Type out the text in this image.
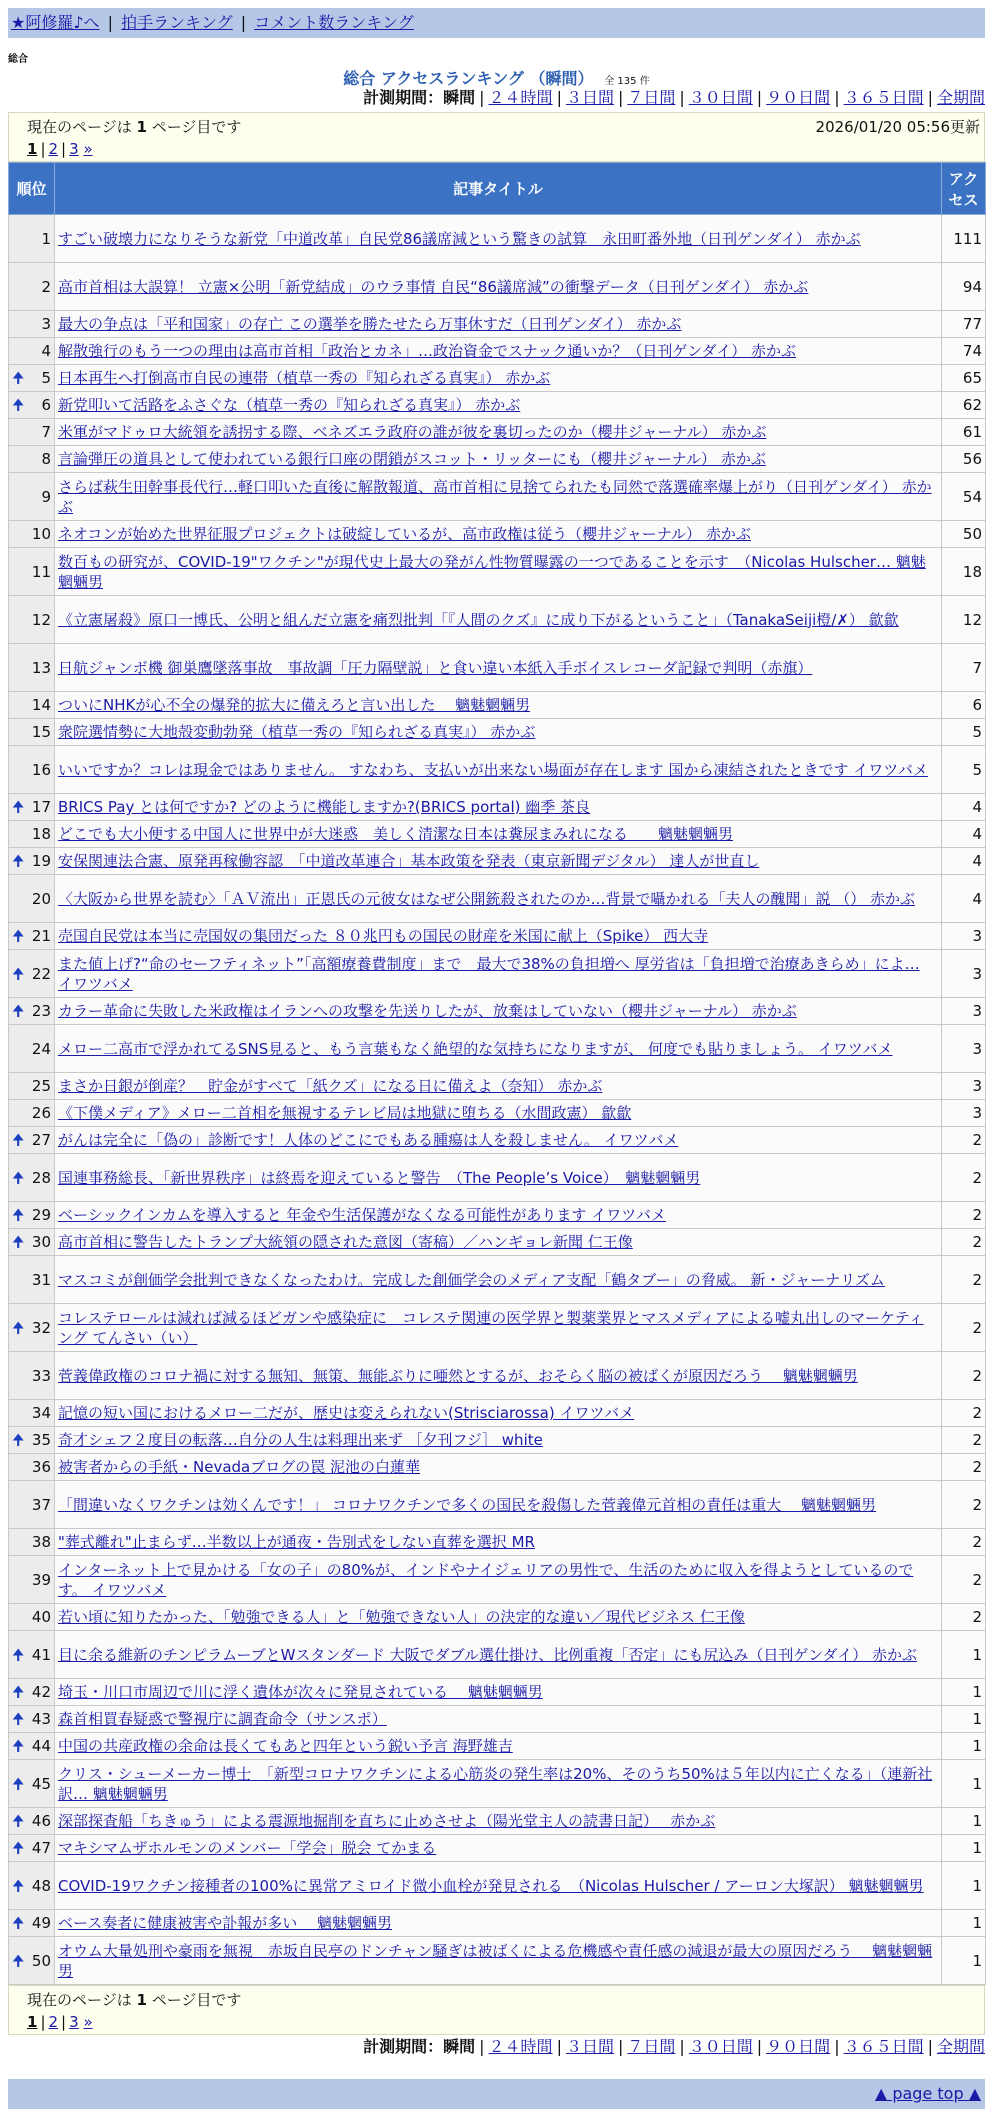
★阿修羅♪へ | 拍手ランキング | コメント数ランキング
総合
総合 アクセスランキング （瞬間） 全 135 件
計測期間：瞬間 | ２４時間 | ３日間 | ７日間 | ３０日間 | ９０日間 | ３６５日間 | 全期間
現在のページは 1 ページ目です
1 | 2 | 3 »
2026/01/20 05:56更新
順位	記事タイトル	アクセス
1	すごい破壊力になりそうな新党「中道改革」自民党86議席減という驚きの試算　永田町番外地（日刊ゲンダイ） 赤かぶ	111
2	高市首相は大誤算！ 立憲×公明「新党結成」のウラ事情 自民“86議席減”の衝撃データ（日刊ゲンダイ） 赤かぶ	94
3	最大の争点は「平和国家」の存亡 この選挙を勝たせたら万事休すだ（日刊ゲンダイ） 赤かぶ	77
4	解散強行のもう一つの理由は高市首相「政治とカネ」…政治資金でスナック通いか？（日刊ゲンダイ） 赤かぶ	74

🠉 5	日本再生へ打倒高市自民の連帯（植草一秀の『知られざる真実』） 赤かぶ	65

🠉 6	新党叩いて活路をふさぐな（植草一秀の『知られざる真実』） 赤かぶ	62
7	米軍がマドゥロ大統領を誘拐する際、ベネズエラ政府の誰が彼を裏切ったのか（櫻井ジャーナル） 赤かぶ	61
8	言論弾圧の道具として使われている銀行口座の閉鎖がスコット・リッターにも（櫻井ジャーナル） 赤かぶ	56
9	さらば萩生田幹事長代行…軽口叩いた直後に解散報道、高市首相に見捨てられたも同然で落選確率爆上がり（日刊ゲンダイ） 赤かぶ	54
10	ネオコンが始めた世界征服プロジェクトは破綻しているが、高市政権は従う（櫻井ジャーナル） 赤かぶ	50
11	数百もの研究が、COVID-19"ワクチン"が現代史上最大の発がん性物質曝露の一つであることを示す　（Nicolas Hulscher… 魑魅魍魎男	18
12	《立憲屠殺》原口一博氏、公明と組んだ立憲を痛烈批判「『人間のクズ』に成り下がるということ」（TanakaSeiji橙/✗） 歙歙	12
13	日航ジャンボ機 御巣鷹墜落事故　事故調「圧力隔壁説」と食い違い本紙入手ボイスレコーダ記録で判明（赤旗）	7
14	ついにNHKが心不全の爆発的拡大に備えろと言い出した　 魑魅魍魎男	6
15	衆院選情勢に大地殻変動勃発（植草一秀の『知られざる真実』） 赤かぶ	5
16	いいですか？コレは現金ではありません。 すなわち、支払いが出来ない場面が存在します 国から凍結されたときです イワツバメ	5

🠉 17	BRICS Pay とは何ですか? どのように機能しますか?(BRICS portal) 幽季 茶良	4
18	どこでも大小便する中国人に世界中が大迷惑　美しく清潔な日本は糞尿まみれになる　　魑魅魍魎男	4

🠉 19	安保関連法合憲、原発再稼働容認　「中道改革連合」基本政策を発表（東京新聞デジタル） 達人が世直し	4
20	〈大阪から世界を読む〉「ＡＶ流出」正恩氏の元彼女はなぜ公開銃殺されたのか…背景で囁かれる「夫人の醜聞」説 （） 赤かぶ	4

🠉 21	売国自民党は本当に売国奴の集団だった ８０兆円もの国民の財産を米国に献上（Spike） 西大寺	3

🠉 22	また値上げ?“命のセーフティネット”「高額療養費制度」まで　最大で38%の負担増へ 厚労省は「負担増で治療あきらめ」によ… イワツバメ	3

🠉 23	カラー革命に失敗した米政権はイランへの攻撃を先送りしたが、放棄はしていない（櫻井ジャーナル） 赤かぶ	3
24	メロー二高市で浮かれてるSNS見ると、もう言葉もなく絶望的な気持ちになりますが、 何度でも貼りましょう。 イワツバメ	3
25	まさか日銀が倒産？　貯金がすべて「紙クズ」になる日に備えよ（奈知） 赤かぶ	3
26	《下僕メディア》メロー二首相を無視するテレビ局は地獄に堕ちる（水間政憲） 歙歙	3

🠉 27	がんは完全に「偽の」診断です！人体のどこにでもある腫瘍は人を殺しません。 イワツバメ	2

🠉 28	国連事務総長、「新世界秩序」は終焉を迎えていると警告　（The People’s Voice）　魑魅魍魎男	2

🠉 29	ベーシックインカムを導入すると 年金や生活保護がなくなる可能性があります イワツバメ	2

🠉 30	高市首相に警告したトランプ大統領の隠された意図（寄稿）／ハンギョレ新聞 仁王像	2
31	マスコミが創価学会批判できなくなったわけ。完成した創価学会のメディア支配「鶴タブー」の脅威。 新・ジャーナリズム	2

🠉 32	コレステロールは減れば減るほどガンや感染症に　コレステ関連の医学界と製薬業界とマスメディアによる嘘丸出しのマーケティング てんさい（い）	2
33	菅義偉政権のコロナ禍に対する無知、無策、無能ぶりに唖然とするが、おそらく脳の被ばくが原因だろう　 魑魅魍魎男	2
34	記憶の短い国におけるメロー二だが、歴史は変えられない(Strisciarossa) イワツバメ	2

🠉 35	奇才シェフ２度目の転落…自分の人生は料理出来ず ［夕刊フジ］ white	2
36	被害者からの手紙・Nevadaブログの罠 泥池の白蓮華	2
37	「間違いなくワクチンは効くんです！」 コロナワクチンで多くの国民を殺傷した菅義偉元首相の責任は重大　 魑魅魍魎男	2
38	"葬式離れ"止まらず…半数以上が通夜・告別式をしない直葬を選択 MR	2
39	インターネット上で見かける「女の子」の80%が、インドやナイジェリアの男性で、生活のために収入を得ようとしているのです。 イワツバメ	2
40	若い頃に知りたかった、「勉強できる人」と「勉強できない人」の決定的な違い／現代ビジネス 仁王像	2

🠉 41	目に余る維新のチンピラムーブとWスタンダード 大阪でダブル選仕掛け、比例重複「否定」にも尻込み（日刊ゲンダイ） 赤かぶ	1

🠉 42	埼玉・川口市周辺で川に浮く遺体が次々に発見されている　 魑魅魍魎男	1

🠉 43	森首相買春疑惑で警視庁に調査命令（サンスポ）	1

🠉 44	中国の共産政権の余命は長くてもあと四年という鋭い予言 海野雄吉	1

🠉 45	クリス・シューメーカー博士　「新型コロナワクチンによる心筋炎の発生率は20%、そのうち50%は５年以内に亡くなる」（連新社訳… 魑魅魍魎男	1

🠉 46	深部探査船「ちきゅう」による震源地掘削を直ちに止めさせよ（陽光堂主人の読書日記）　 赤かぶ	1

🠉 47	マキシマムザホルモンのメンバー「学会」脱会 てかまる	1

🠉 48	COVID-19ワクチン接種者の100%に異常アミロイド微小血栓が発見される　（Nicolas Hulscher / アーロン大塚訳） 魑魅魍魎男	1

🠉 49	ベース奏者に健康被害や訃報が多い　 魑魅魍魎男	1

🠉 50	オウム大量処刑や豪雨を無視　赤坂自民亭のドンチャン騒ぎは被ばくによる危機感や責任感の減退が最大の原因だろう　 魑魅魍魎男	1
現在のページは 1 ページ目です
1 | 2 | 3 »
計測期間：瞬間 | ２４時間 | ３日間 | ７日間 | ３０日間 | ９０日間 | ３６５日間 | 全期間
▲ page top ▲
